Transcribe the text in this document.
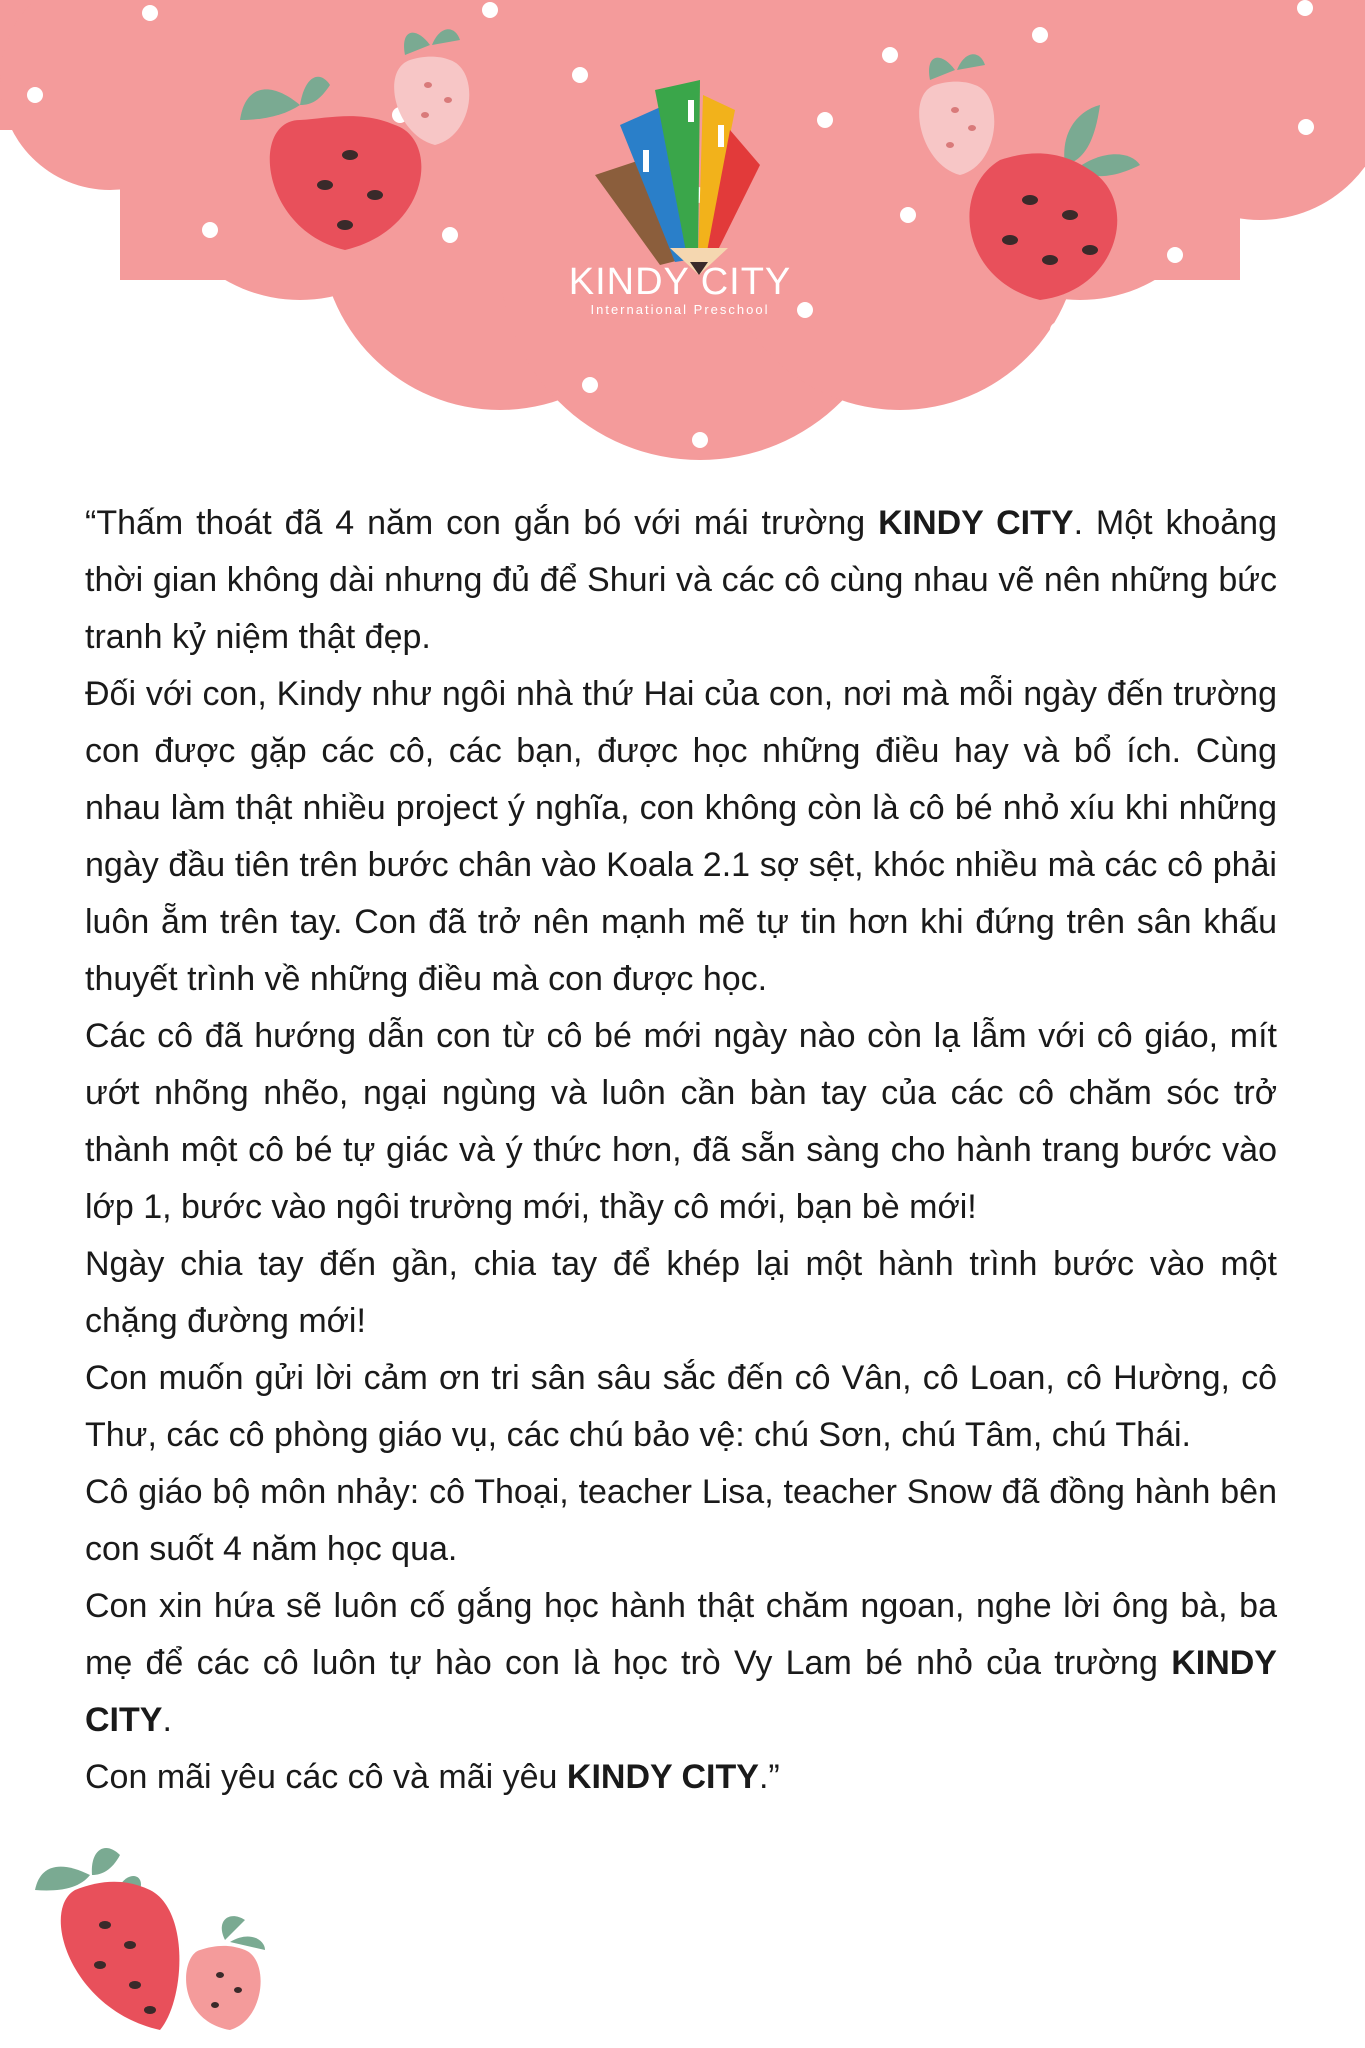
KINDY CITY
International Preschool

“Thấm thoát đã 4 năm con gắn bó với mái trường KINDY CITY. Một khoảng thời gian không dài nhưng đủ để Shuri và các cô cùng nhau vẽ nên những bức tranh kỷ niệm thật đẹp.

Đối với con, Kindy như ngôi nhà thứ Hai của con, nơi mà mỗi ngày đến trường con được gặp các cô, các bạn, được học những điều hay và bổ ích. Cùng nhau làm thật nhiều project ý nghĩa, con không còn là cô bé nhỏ xíu khi những ngày đầu tiên trên bước chân vào Koala 2.1 sợ sệt, khóc nhiều mà các cô phải luôn ẵm trên tay. Con đã trở nên mạnh mẽ tự tin hơn khi đứng trên sân khấu thuyết trình về những điều mà con được học.

Các cô đã hướng dẫn con từ cô bé mới ngày nào còn lạ lẫm với cô giáo, mít ướt nhõng nhẽo, ngại ngùng và luôn cần bàn tay của các cô chăm sóc trở thành một cô bé tự giác và ý thức hơn, đã sẵn sàng cho hành trang bước vào lớp 1, bước vào ngôi trường mới, thầy cô mới, bạn bè mới!

Ngày chia tay đến gần, chia tay để khép lại một hành trình bước vào một chặng đường mới!

Con muốn gửi lời cảm ơn tri sân sâu sắc đến cô Vân, cô Loan, cô Hường, cô Thư, các cô phòng giáo vụ, các chú bảo vệ: chú Sơn, chú Tâm, chú Thái.

Cô giáo bộ môn nhảy: cô Thoại, teacher Lisa, teacher Snow đã đồng hành bên con suốt 4 năm học qua.

Con xin hứa sẽ luôn cố gắng học hành thật chăm ngoan, nghe lời ông bà, ba mẹ để các cô luôn tự hào con là học trò Vy Lam bé nhỏ của trường KINDY CITY.

Con mãi yêu các cô và mãi yêu KINDY CITY.”
